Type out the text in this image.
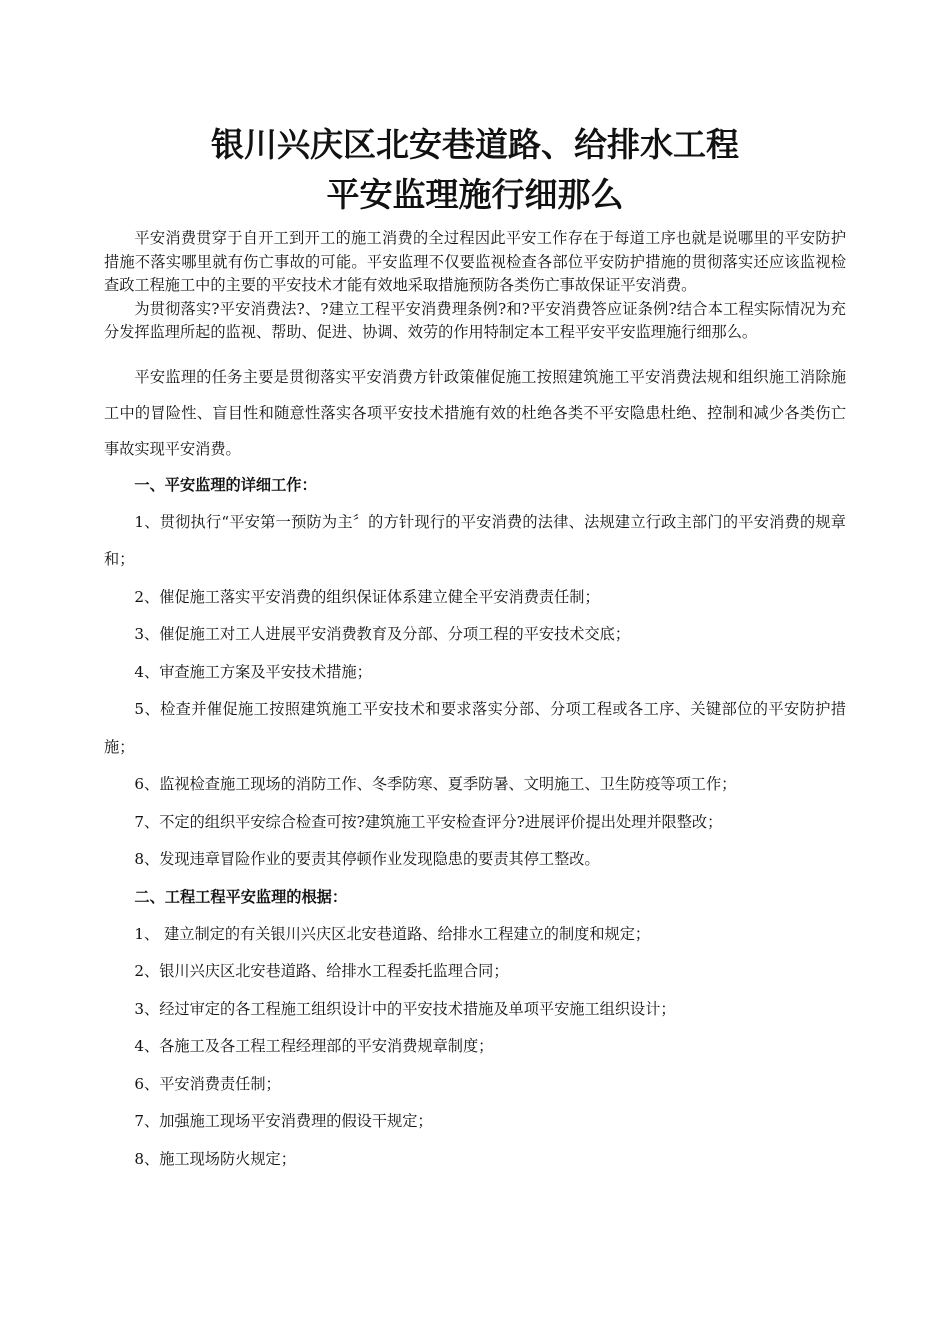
银川兴庆区北安巷道路、给排水工程
平安监理施行细那么

平安消费贯穿于自开工到开工的施工消费的全过程因此平安工作存在于每道工序也就是说哪里的平安防护措施不落实哪里就有伤亡事故的可能。平安监理不仅要监视检查各部位平安防护措施的贯彻落实还应该监视检查政工程施工中的主要的平安技术才能有效地采取措施预防各类伤亡事故保证平安消费。

为贯彻落实?平安消费法?、?建立工程平安消费理条例?和?平安消费答应证条例?结合本工程实际情况为充分发挥监理所起的监视、帮助、促进、协调、效劳的作用特制定本工程平安平安监理施行细那么。

平安监理的任务主要是贯彻落实平安消费方针政策催促施工按照建筑施工平安消费法规和组织施工消除施工中的冒险性、盲目性和随意性落实各项平安技术措施有效的杜绝各类不平安隐患杜绝、控制和减少各类伤亡事故实现平安消费。

一、平安监理的详细工作：

1、贯彻执行“平安第一预防为主〞的方针现行的平安消费的法律、法规建立行政主部门的平安消费的规章和；

2、催促施工落实平安消费的组织保证体系建立健全平安消费责任制；

3、催促施工对工人进展平安消费教育及分部、分项工程的平安技术交底；

4、审查施工方案及平安技术措施；

5、检查并催促施工按照建筑施工平安技术和要求落实分部、分项工程或各工序、关键部位的平安防护措施；

6、监视检查施工现场的消防工作、冬季防寒、夏季防暑、文明施工、卫生防疫等项工作；

7、不定的组织平安综合检查可按?建筑施工平安检查评分?进展评价提出处理并限整改；

8、发现违章冒险作业的要责其停顿作业发现隐患的要责其停工整改。

二、工程工程平安监理的根据：

1、 建立制定的有关银川兴庆区北安巷道路、给排水工程建立的制度和规定；

2、银川兴庆区北安巷道路、给排水工程委托监理合同；

3、经过审定的各工程施工组织设计中的平安技术措施及单项平安施工组织设计；

4、各施工及各工程工程经理部的平安消费规章制度；

6、平安消费责任制；

7、加强施工现场平安消费理的假设干规定；

8、施工现场防火规定；
